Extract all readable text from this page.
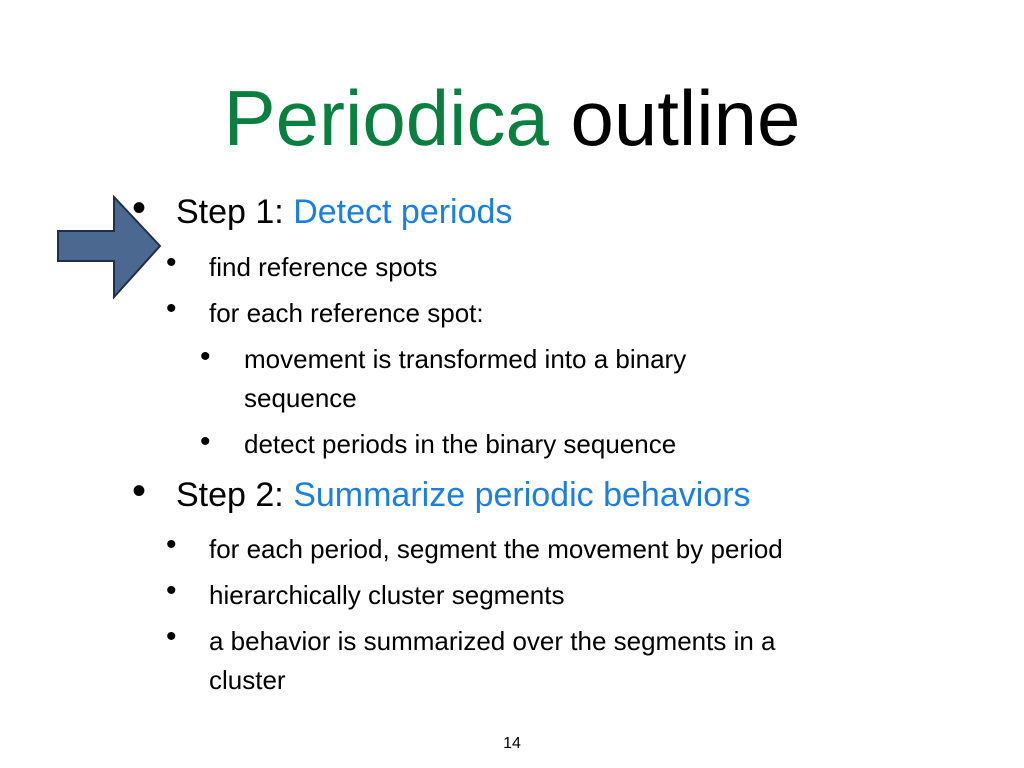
Periodica outline
• Step 1: Detect periods
• find reference spots
• for each reference spot:
• movement is transformed into a binary
sequence
• detect periods in the binary sequence
• Step 2: Summarize periodic behaviors
• for each period, segment the movement by period
• hierarchically cluster segments
• a behavior is summarized over the segments in a
cluster
14
